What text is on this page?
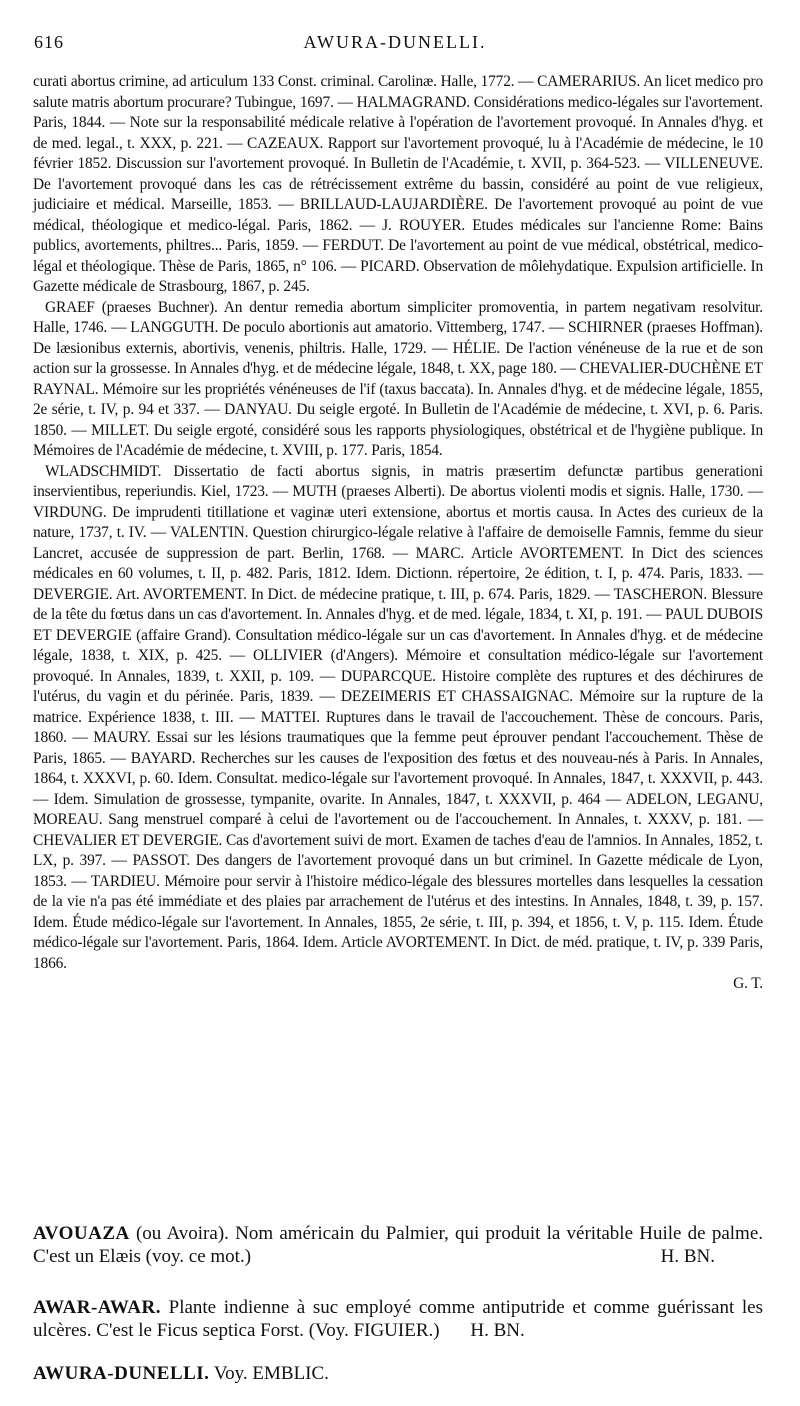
616	AWURA-DUNELLI.

curati abortus crimine, ad articulum 133 Const. criminal. Carolinæ. Halle, 1772. — CAMERARIUS. An licet medico pro salute matris abortum procurare? Tubingue, 1697. — HALMAGRAND. Considérations medico-légales sur l'avortement. Paris, 1844. — Note sur la responsabilité médicale relative à l'opération de l'avortement provoqué. In Annales d'hyg. et de med. legal., t. XXX, p. 221. — CAZEAUX. Rapport sur l'avortement provoqué, lu à l'Académie de médecine, le 10 février 1852. Discussion sur l'avortement provoqué. In Bulletin de l'Académie, t. XVII, p. 364-523. — VILLENEUVE. De l'avortement provoqué dans les cas de rétrécissement extrême du bassin, considéré au point de vue religieux, judiciaire et médical. Marseille, 1853. — BRILLAUD-LAUJARDIÈRE. De l'avortement provoqué au point de vue médical, théologique et medico-légal. Paris, 1862. — J. ROUYER. Etudes médicales sur l'ancienne Rome: Bains publics, avortements, philtres... Paris, 1859. — FERDUT. De l'avortement au point de vue médical, obstétrical, medico-légal et théologique. Thèse de Paris, 1865, n° 106. — PICARD. Observation de môlehydatique. Expulsion artificielle. In Gazette médicale de Strasbourg, 1867, p. 245.

GRAEF (praeses Buchner). An dentur remedia abortum simpliciter promoventia, in partem negativam resolvitur. Halle, 1746. — LANGGUTH. De poculo abortionis aut amatorio. Vittemberg, 1747. — SCHIRNER (praeses Hoffman). De læsionibus externis, abortivis, venenis, philtris. Halle, 1729. — HÉLIE. De l'action vénéneuse de la rue et de son action sur la grossesse. In Annales d'hyg. et de médecine légale, 1848, t. XX, page 180. — CHEVALIER-DUCHÈNE ET RAYNAL. Mémoire sur les propriétés vénéneuses de l'if (taxus baccata). In. Annales d'hyg. et de médecine légale, 1855, 2e série, t. IV, p. 94 et 337. — DANYAU. Du seigle ergoté. In Bulletin de l'Académie de médecine, t. XVI, p. 6. Paris. 1850. — MILLET. Du seigle ergoté, considéré sous les rapports physiologiques, obstétrical et de l'hygiène publique. In Mémoires de l'Académie de médecine, t. XVIII, p. 177. Paris, 1854.

WLADSCHMIDT. Dissertatio de facti abortus signis, in matris præsertim defunctæ partibus generationi inservientibus, reperiundis. Kiel, 1723. — MUTH (praeses Alberti). De abortus violenti modis et signis. Halle, 1730. — VIRDUNG. De imprudenti titillatione et vaginæ uteri extensione, abortus et mortis causa. In Actes des curieux de la nature, 1737, t. IV. — VALENTIN. Question chirurgico-légale relative à l'affaire de demoiselle Famnis, femme du sieur Lancret, accusée de suppression de part. Berlin, 1768. — MARC. Article AVORTEMENT. In Dict des sciences médicales en 60 volumes, t. II, p. 482. Paris, 1812. Idem. Dictionn. répertoire, 2e édition, t. I, p. 474. Paris, 1833. — DEVERGIE. Art. AVORTEMENT. In Dict. de médecine pratique, t. III, p. 674. Paris, 1829. — TASCHERON. Blessure de la tête du fœtus dans un cas d'avortement. In. Annales d'hyg. et de med. légale, 1834, t. XI, p. 191. — PAUL DUBOIS ET DEVERGIE (affaire Grand). Consultation médico-légale sur un cas d'avortement. In Annales d'hyg. et de médecine légale, 1838, t. XIX, p. 425. — OLLIVIER (d'Angers). Mémoire et consultation médico-légale sur l'avortement provoqué. In Annales, 1839, t. XXII, p. 109. — DUPARCQUE. Histoire complète des ruptures et des déchirures de l'utérus, du vagin et du périnée. Paris, 1839. — DEZEIMERIS ET CHASSAIGNAC. Mémoire sur la rupture de la matrice. Expérience 1838, t. III. — MATTEI. Ruptures dans le travail de l'accouchement. Thèse de concours. Paris, 1860. — MAURY. Essai sur les lésions traumatiques que la femme peut éprouver pendant l'accouchement. Thèse de Paris, 1865. — BAYARD. Recherches sur les causes de l'exposition des fœtus et des nouveau-nés à Paris. In Annales, 1864, t. XXXVI, p. 60. Idem. Consultat. medico-légale sur l'avortement provoqué. In Annales, 1847, t. XXXVII, p. 443. — Idem. Simulation de grossesse, tympanite, ovarite. In Annales, 1847, t. XXXVII, p. 464 — ADELON, LEGANU, MOREAU. Sang menstruel comparé à celui de l'avortement ou de l'accouchement. In Annales, t. XXXV, p. 181. — CHEVALIER ET DEVERGIE. Cas d'avortement suivi de mort. Examen de taches d'eau de l'amnios. In Annales, 1852, t. LX, p. 397. — PASSOT. Des dangers de l'avortement provoqué dans un but criminel. In Gazette médicale de Lyon, 1853. — TARDIEU. Mémoire pour servir à l'histoire médico-légale des blessures mortelles dans lesquelles la cessation de la vie n'a pas été immédiate et des plaies par arrachement de l'utérus et des intestins. In Annales, 1848, t. 39, p. 157. Idem. Étude médico-légale sur l'avortement. In Annales, 1855, 2e série, t. III, p. 394, et 1856, t. V, p. 115. Idem. Étude médico-légale sur l'avortement. Paris, 1864. Idem. Article AVORTEMENT. In Dict. de méd. pratique, t. IV, p. 339 Paris, 1866.

G. T.

AVOUAZA (ou Avoira). Nom américain du Palmier, qui produit la véritable Huile de palme. C'est un Elæis (voy. ce mot.)	H. BN.
AWAR-AWAR. Plante indienne à suc employé comme antiputride et comme guérissant les ulcères. C'est le Ficus septica Forst. (Voy. FIGUIER.) H. BN.
AWURA-DUNELLI. Voy. EMBLIC.
